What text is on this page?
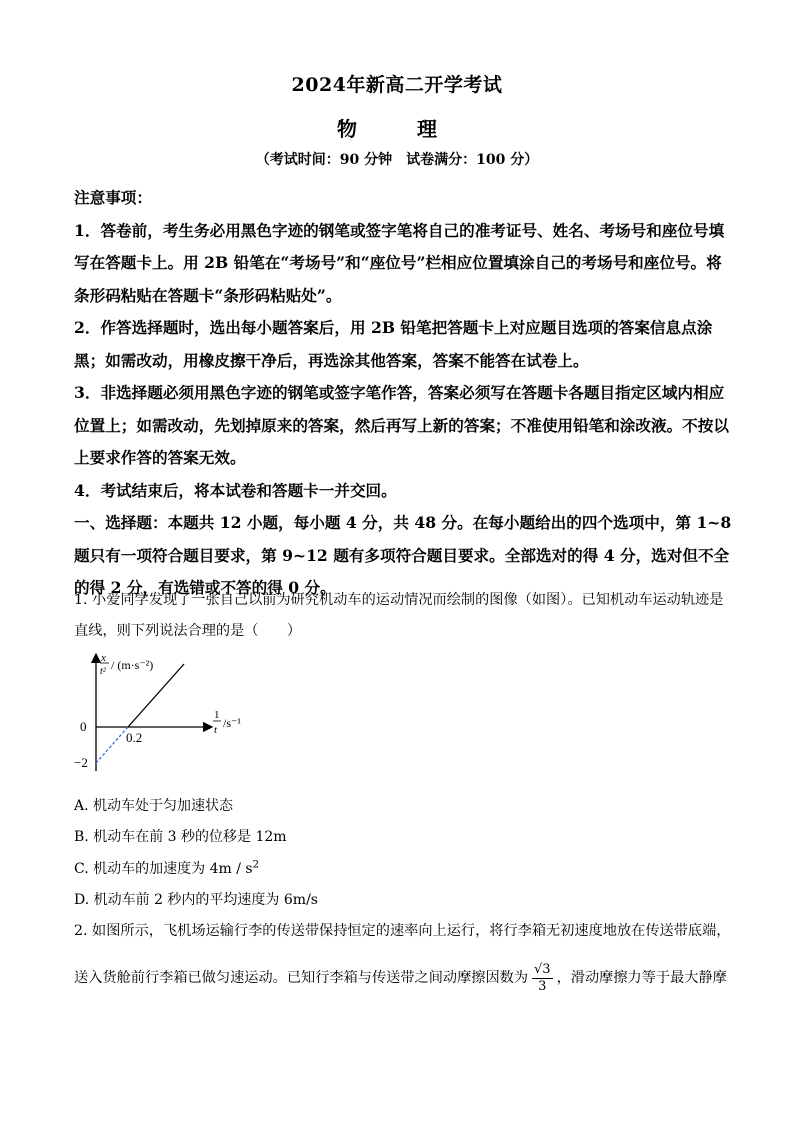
2024年新高二开学考试
物　理
（考试时间：90 分钟　试卷满分：100 分）

注意事项：

1．答卷前，考生务必用黑色字迹的钢笔或签字笔将自己的准考证号、姓名、考场号和座位号填写在答题卡上。用 2B 铅笔在“考场号”和“座位号”栏相应位置填涂自己的考场号和座位号。将条形码粘贴在答题卡“条形码粘贴处”。

2．作答选择题时，选出每小题答案后，用 2B 铅笔把答题卡上对应题目选项的答案信息点涂黑；如需改动，用橡皮擦干净后，再选涂其他答案，答案不能答在试卷上。

3．非选择题必须用黑色字迹的钢笔或签字笔作答，答案必须写在答题卡各题目指定区域内相应位置上；如需改动，先划掉原来的答案，然后再写上新的答案；不准使用铅笔和涂改液。不按以上要求作答的答案无效。

4．考试结束后，将本试卷和答题卡一并交回。

一、选择题：本题共 12 小题，每小题 4 分，共 48 分。在每小题给出的四个选项中，第 1~8 题只有一项符合题目要求，第 9~12 题有多项符合题目要求。全部选对的得 4 分，选对但不全的得 2 分，有选错或不答的得 0 分。

1. 小爱同学发现了一张自己以前为研究机动车的运动情况而绘制的图像（如图）。已知机动车运动轨迹是直线，则下列说法合理的是（　　）

x
t² / (m·s⁻²)
1
t /s⁻¹
0
0.2
−2
A. 机动车处于匀加速状态
B. 机动车在前 3 秒的位移是 12m
C. 机动车的加速度为 $4m / s^2$
D. 机动车前 2 秒内的平均速度为 6m/s

2. 如图所示，飞机场运输行李的传送带保持恒定的速率向上运行，将行李箱无初速度地放在传送带底端，

送入货舱前行李箱已做匀速运动。已知行李箱与传送带之间动摩擦因数为 $\frac{√3}{3}$ ，滑动摩擦力等于最大静摩
